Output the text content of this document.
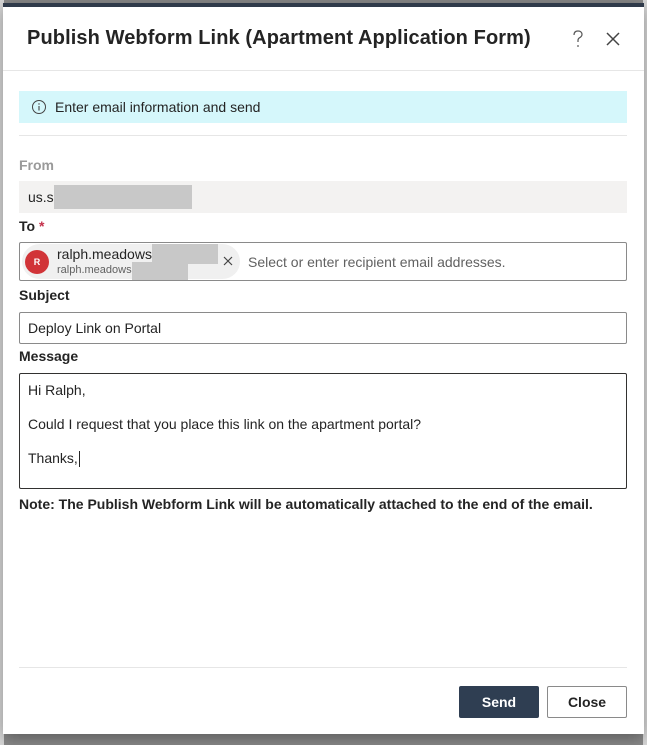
Publish Webform Link (Apartment Application Form)
Enter email information and send
From
us.s
To *
R	ralph.meadows
ralph.meadows
Select or enter recipient email addresses.
Subject
Deploy Link on Portal
Message
Hi Ralph,
Could I request that you place this link on the apartment portal?
Thanks,
Note: The Publish Webform Link will be automatically attached to the end of the email.
Send	Close
